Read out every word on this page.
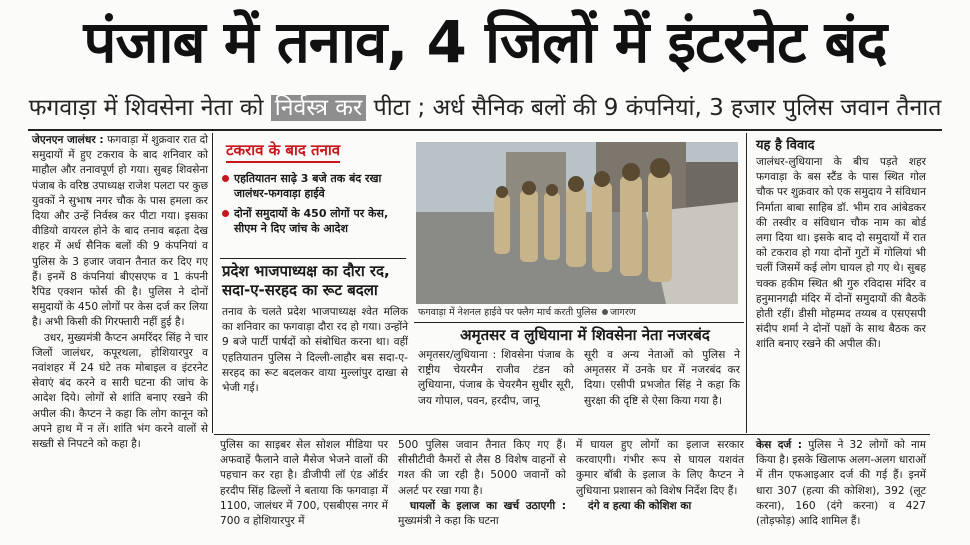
पंजाब में तनाव, 4 जिलों में इंटरनेट बंद
फगवाड़ा में शिवसेना नेता को निर्वस्त्र कर पीटा ; अर्ध सैनिक बलों की 9 कंपनियां, 3 हजार पुलिस जवान तैनात

जेएनएन जालंधर : फगवाड़ा में शुक्रवार रात दो समुदायों में हुए टकराव के बाद शनिवार को माहौल और तनावपूर्ण हो गया। सुबह शिवसेना पंजाब के वरिष्ठ उपाध्यक्ष राजेश पलटा पर कुछ युवकों ने सुभाष नगर चौक के पास हमला कर दिया और उन्हें निर्वस्त्र कर पीटा गया। इसका वीडियो वायरल होने के बाद तनाव बढ़ता देख शहर में अर्ध सैनिक बलों की 9 कंपनियां व पुलिस के 3 हजार जवान तैनात कर दिए गए हैं। इनमें 8 कंपनियां बीएसएफ व 1 कंपनी रैपिड एक्शन फोर्स की है। पुलिस ने दोनों समुदायों के 450 लोगों पर केस दर्ज कर लिया है। अभी किसी की गिरफ्तारी नहीं हुई है।

उधर, मुख्यमंत्री कैप्टन अमरिंदर सिंह ने चार जिलों जालंधर, कपूरथला, होशियारपुर व नवांशहर में 24 घंटे तक मोबाइल व इंटरनेट सेवाएं बंद करने व सारी घटना की जांच के आदेश दिये। लोगों से शांति बनाए रखने की अपील की। कैप्टन ने कहा कि लोग कानून को अपने हाथ में न लें। शांति भंग करने वालों से सख्ती से निपटने को कहा है।

टकराव के बाद तनाव
एहतियातन साढ़े 3 बजे तक बंद रखा जालंधर-फगवाड़ा हाईवे
दोनों समुदायों के 450 लोगों पर केस, सीएम ने दिए जांच के आदेश
प्रदेश भाजपाध्यक्ष का दौरा रद, सदा-ए-सरहद का रूट बदला
तनाव के चलते प्रदेश भाजपाध्यक्ष श्वेत मलिक का शनिवार का फगवाड़ा दौरा रद हो गया। उन्होंने 9 बजे पार्टी पार्षदों को संबोधित करना था। वहीं एहतियातन पुलिस ने दिल्ली-लाहौर बस सदा-ए-सरहद का रूट बदलकर वाया मुल्लांपुर दाखा से भेजी गई।
फगवाड़ा में नेशनल हाईवे पर फ्लैग मार्च करती पुलिस जागरण
अमृतसर व लुधियाना में शिवसेना नेता नजरबंद
अमृतसर/लुधियाना : शिवसेना पंजाब के राष्ट्रीय चेयरमैन राजीव टंडन को लुधियाना, पंजाब के चेयरमैन सुधीर सूरी, जय गोपाल, पवन, हरदीप, जानू
सूरी व अन्य नेताओं को पुलिस ने अमृतसर में उनके घर में नजरबंद कर दिया। एसीपी प्रभजोत सिंह ने कहा कि सुरक्षा की दृष्टि से ऐसा किया गया है।
यह है विवाद
जालंधर-लुधियाना के बीच पड़ते शहर फगवाड़ा के बस स्टैंड के पास स्थित गोल चौक पर शुक्रवार को एक समुदाय ने संविधान निर्माता बाबा साहिब डॉ. भीम राव आंबेडकर की तस्वीर व संविधान चौक नाम का बोर्ड लगा दिया था। इसके बाद दो समुदायों में रात को टकराव हो गया दोनों गुटों में गोलियां भी चलीं जिसमें कई लोग घायल हो गए थे। सुबह चक्क हकीम स्थित श्री गुरु रविदास मंदिर व हनुमानगढ़ी मंदिर में दोनों समुदायों की बैठकें होती रहीं। डीसी मोहम्मद तय्यब व एसएसपी संदीप शर्मा ने दोनों पक्षों के साथ बैठक कर शांति बनाए रखने की अपील की।
पुलिस का साइबर सेल सोशल मीडिया पर अफवाहें फैलाने वाले मैसेज भेजने वालों की पहचान कर रहा है। डीजीपी लॉ एंड ऑर्डर हरदीप सिंह ढिल्लों ने बताया कि फगवाड़ा में 1100, जालंधर में 700, एसबीएस नगर में 700 व होशियारपुर में

500 पुलिस जवान तैनात किए गए हैं। सीसीटीवी कैमरों से लैस 8 विशेष वाहनों से गश्त की जा रही है। 5000 जवानों को अलर्ट पर रखा गया है।

घायलों के इलाज का खर्च उठाएगी : मुख्यमंत्री ने कहा कि घटना

में घायल हुए लोगों का इलाज सरकार करवाएगी। गंभीर रूप से घायल यशवंत कुमार बॉबी के इलाज के लिए कैप्टन ने लुधियाना प्रशासन को विशेष निर्देश दिए हैं।

दंगे व हत्या की कोशिश का

केस दर्ज : पुलिस ने 32 लोगों को नाम किया है। इसके खिलाफ अलग-अलग धाराओं में तीन एफआइआर दर्ज की गई हैं। इनमें धारा 307 (हत्या की कोशिश), 392 (लूट करना), 160 (दंगे करना) व 427 (तोड़फोड़) आदि शामिल हैं।
